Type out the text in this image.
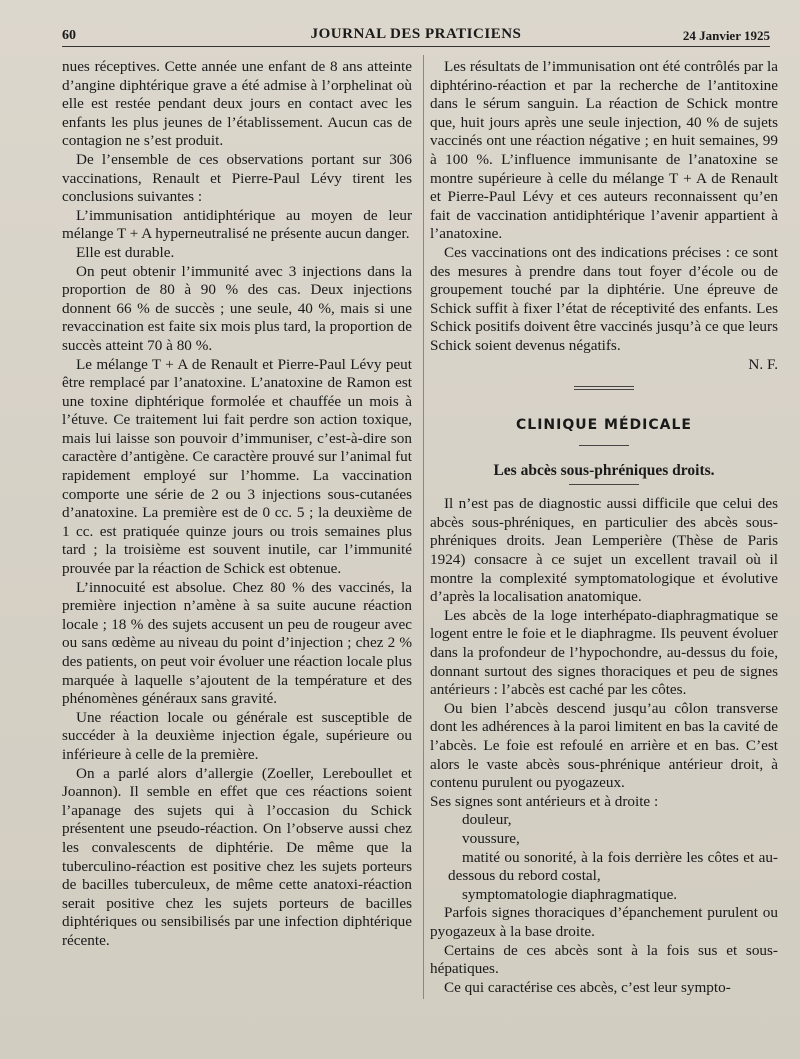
60	JOURNAL DES PRATICIENS	24 Janvier 1925

nues réceptives. Cette année une enfant de 8 ans atteinte d’angine diphtérique grave a été admise à l’orphelinat où elle est restée pendant deux jours en contact avec les enfants les plus jeunes de l’établissement. Aucun cas de contagion ne s’est produit.

De l’ensemble de ces observations portant sur 306 vaccinations, Renault et Pierre-Paul Lévy tirent les conclusions suivantes :

L’immunisation antidiphtérique au moyen de leur mélange T + A hyperneutralisé ne présente aucun danger.

Elle est durable.

On peut obtenir l’immunité avec 3 injections dans la proportion de 80 à 90 % des cas. Deux injections donnent 66 % de succès ; une seule, 40 %, mais si une revaccination est faite six mois plus tard, la proportion de succès atteint 70 à 80 %.

Le mélange T + A de Renault et Pierre-Paul Lévy peut être remplacé par l’anatoxine. L’anatoxine de Ramon est une toxine diphtérique formolée et chauffée un mois à l’étuve. Ce traitement lui fait perdre son action toxique, mais lui laisse son pouvoir d’immuniser, c’est-à-dire son caractère d’antigène. Ce caractère prouvé sur l’animal fut rapidement employé sur l’homme. La vaccination comporte une série de 2 ou 3 injections sous-cutanées d’anatoxine. La première est de 0 cc. 5 ; la deuxième de 1 cc. est pratiquée quinze jours ou trois semaines plus tard ; la troisième est souvent inutile, car l’immunité prouvée par la réaction de Schick est obtenue.

L’innocuité est absolue. Chez 80 % des vaccinés, la première injection n’amène à sa suite aucune réaction locale ; 18 % des sujets accusent un peu de rougeur avec ou sans œdème au niveau du point d’injection ; chez 2 % des patients, on peut voir évoluer une réaction locale plus marquée à laquelle s’ajoutent de la température et des phénomènes généraux sans gravité.

Une réaction locale ou générale est susceptible de succéder à la deuxième injection égale, supérieure ou inférieure à celle de la première.

On a parlé alors d’allergie (Zoeller, Lereboullet et Joannon). Il semble en effet que ces réactions soient l’apanage des sujets qui à l’occasion du Schick présentent une pseudo-réaction. On l’observe aussi chez les convalescents de diphtérie. De même que la tuberculino-réaction est positive chez les sujets porteurs de bacilles tuberculeux, de même cette anatoxi-réaction serait positive chez les sujets porteurs de bacilles diphtériques ou sensibilisés par une infection diphtérique récente.

Les résultats de l’immunisation ont été contrôlés par la diphtérino-réaction et par la recherche de l’antitoxine dans le sérum sanguin. La réaction de Schick montre que, huit jours après une seule injection, 40 % de sujets vaccinés ont une réaction négative ; en huit semaines, 99 à 100 %. L’influence immunisante de l’anatoxine se montre supérieure à celle du mélange T + A de Renault et Pierre-Paul Lévy et ces auteurs reconnaissent qu’en fait de vaccination antidiphtérique l’avenir appartient à l’anatoxine.

Ces vaccinations ont des indications précises : ce sont des mesures à prendre dans tout foyer d’école ou de groupement touché par la diphtérie. Une épreuve de Schick suffit à fixer l’état de réceptivité des enfants. Les Schick positifs doivent être vaccinés jusqu’à ce que leurs Schick soient devenus négatifs.

N. F.

CLINIQUE MÉDICALE
Les abcès sous-phréniques droits.

Il n’est pas de diagnostic aussi difficile que celui des abcès sous-phréniques, en particulier des abcès sous-phréniques droits. Jean Lemperière (Thèse de Paris 1924) consacre à ce sujet un excellent travail où il montre la complexité symptomatologique et évolutive d’après la localisation anatomique.

Les abcès de la loge interhépato-diaphragmatique se logent entre le foie et le diaphragme. Ils peuvent évoluer dans la profondeur de l’hypochondre, au-dessus du foie, donnant surtout des signes thoraciques et peu de signes antérieurs : l’abcès est caché par les côtes.

Ou bien l’abcès descend jusqu’au côlon transverse dont les adhérences à la paroi limitent en bas la cavité de l’abcès. Le foie est refoulé en arrière et en bas. C’est alors le vaste abcès sous-phrénique antérieur droit, à contenu purulent ou pyogazeux.

Ses signes sont antérieurs et à droite :

douleur,

voussure,

matité ou sonorité, à la fois derrière les côtes et au-dessous du rebord costal,

symptomatologie diaphragmatique.

Parfois signes thoraciques d’épanchement purulent ou pyogazeux à la base droite.

Certains de ces abcès sont à la fois sus et sous-hépatiques.

Ce qui caractérise ces abcès, c’est leur sympto-
